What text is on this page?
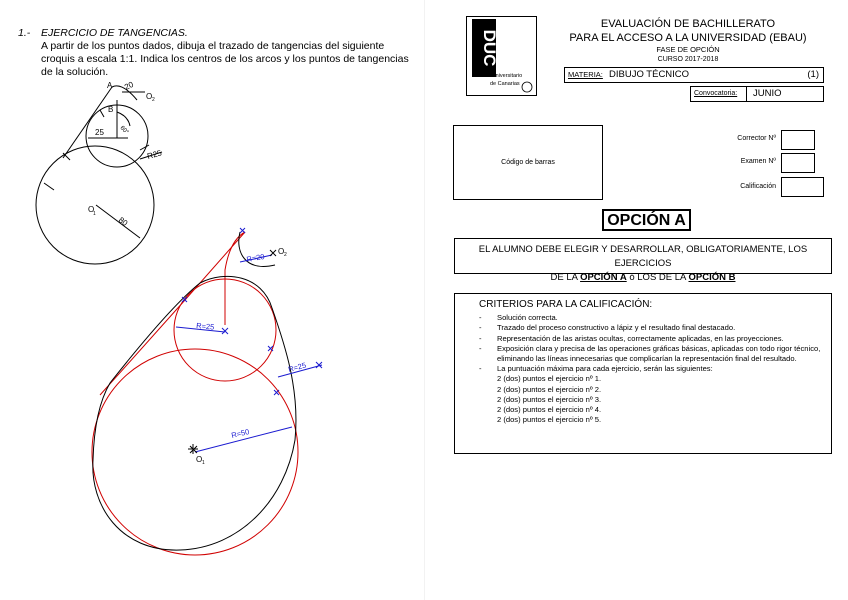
1.- EJERCICIO DE TANGENCIAS.
A partir de los puntos dados, dibuja el trazado de tangencias del siguiente croquis a escala 1:1. Indica los centros de los arcos y los puntos de tangencias de la solución.
A
B
O 2
O
1
20
60°
25
R25
80
R=20
R=25
R=25
R=50
O 2
O 1
DUC
Distrito Universitario
de Canarias
EVALUACIÓN DE BACHILLERATO
PARA EL ACCESO A LA UNIVERSIDAD (EBAU)
FASE DE OPCIÓN
CURSO 2017-2018
MATERIA: DIBUJO TÉCNICO	(1)
Convocatoria:	JUNIO
Código de barras
Corrector Nº
Examen Nº
Calificación
OPCIÓN A
EL ALUMNO DEBE ELEGIR Y DESARROLLAR, OBLIGATORIAMENTE, LOS EJERCICIOS
DE LA OPCIÓN A ó LOS DE LA OPCIÓN B
CRITERIOS PARA LA CALIFICACIÓN:
- Solución correcta.
- Trazado del proceso constructivo a lápiz y el resultado final destacado.
- Representación de las aristas ocultas, correctamente aplicadas, en las proyecciones.
- Exposición clara y precisa de las operaciones gráficas básicas, aplicadas con todo rigor técnico, eliminando las líneas innecesarias que complicarían la representación final del resultado.
- La puntuación máxima para cada ejercicio, serán las siguientes:
2 (dos) puntos el ejercicio nº 1.
2 (dos) puntos el ejercicio nº 2.
2 (dos) puntos el ejercicio nº 3.
2 (dos) puntos el ejercicio nº 4.
2 (dos) puntos el ejercicio nº 5.
